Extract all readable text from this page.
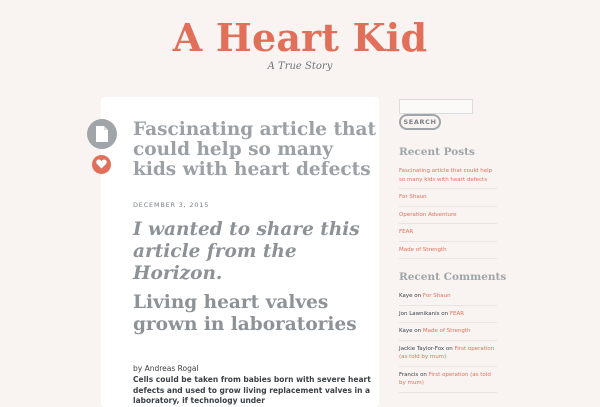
A Heart Kid
A True Story
Fascinating article that could help so many kids with heart defects
DECEMBER 3, 2015
I wanted to share this article from the Horizon.
Living heart valves grown in laboratories
by Andreas Rogal

Cells could be taken from babies born with severe heart defects and used to grow living replacement valves in a laboratory, if technology under

SEARCH
Recent Posts
Fascinating article that could help so many kids with heart defects
For Shaun
Operation Adventure
FEAR
Made of Strength
Recent Comments
Kaye on For Shaun
Jon Lawnikanis on FEAR
Kaye on Made of Strength
Jackie Taylor-Fox on First operation (as told by mum)
Francis on First operation (as told by mum)
